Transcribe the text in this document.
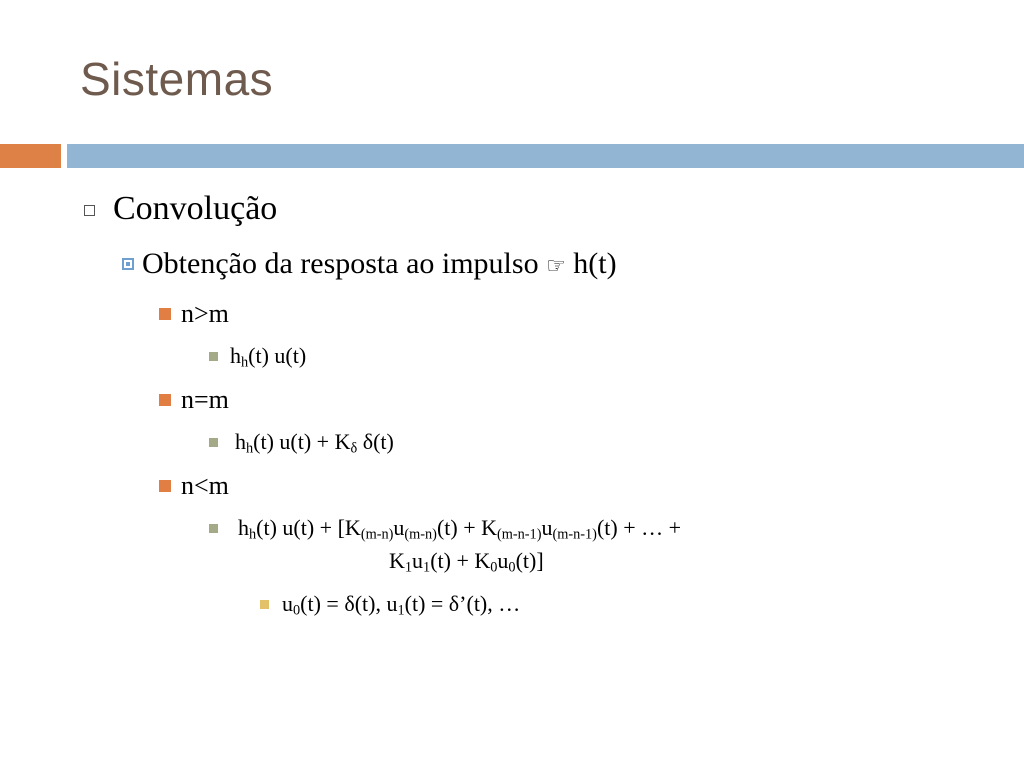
Sistemas
Convolução
Obtenção da resposta ao impulso ☞ h(t)
n>m
$h_h(t)$ u(t)
n=m
$h_h(t) u(t) + K_\delta$ δ(t)
n<m
$h_h(t) u(t) + [K_{(m-n)}u_{(m-n)}(t) + K_{(m-n-1)}u_{(m-n-1)}(t)$ + … +
$K_1u_1(t) + K_0u_0(t)$]
$u_0(t) = \delta(t)$, $u_1(t)$ = δ’(t), …
